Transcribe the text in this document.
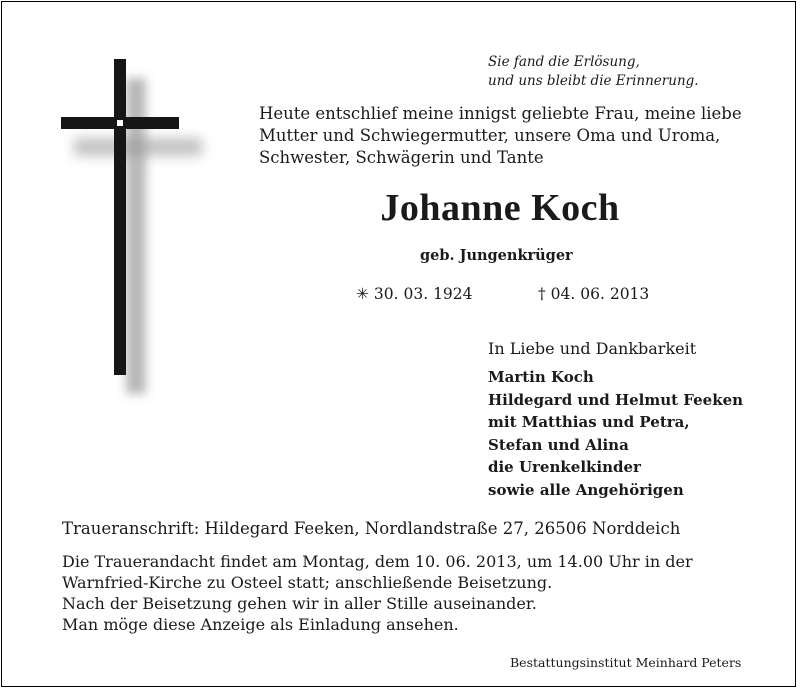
Sie fand die Erlösung,
und uns bleibt die Erinnerung.
Heute entschlief meine innigst geliebte Frau, meine liebe
Mutter und Schwiegermutter, unsere Oma und Uroma,
Schwester, Schwägerin und Tante
Johanne Koch
geb. Jungenkrüger
✳ 30. 03. 1924	† 04. 06. 2013
In Liebe und Dankbarkeit
Martin Koch
Hildegard und Helmut Feeken
mit Matthias und Petra,
Stefan und Alina
die Urenkelkinder
sowie alle Angehörigen
Traueranschrift: Hildegard Feeken, Nordlandstraße 27, 26506 Norddeich
Die Trauerandacht findet am Montag, dem 10. 06. 2013, um 14.00 Uhr in der
Warnfried-Kirche zu Osteel statt; anschließende Beisetzung.
Nach der Beisetzung gehen wir in aller Stille auseinander.
Man möge diese Anzeige als Einladung ansehen.
Bestattungsinstitut Meinhard Peters
